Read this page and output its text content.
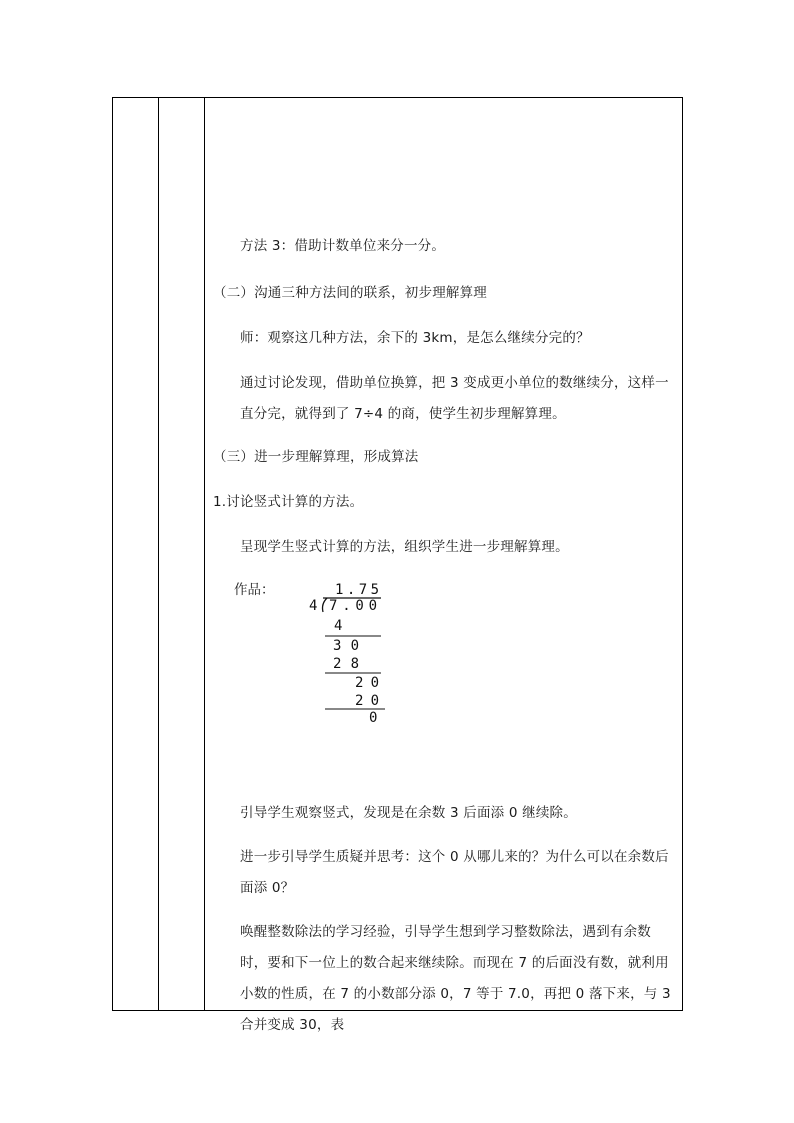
方法 3：借助计数单位来分一分。

（二）沟通三种方法间的联系，初步理解算理

师：观察这几种方法，余下的 3km，是怎么继续分完的？

通过讨论发现，借助单位换算，把 3 变成更小单位的数继续分，这样一直分完，就得到了 7÷4 的商，使学生初步理解算理。

（三）进一步理解算理，形成算法

1.讨论竖式计算的方法。

呈现学生竖式计算的方法，组织学生进一步理解算理。

作品：	1.75
4 7.00
4
30
28
20
20
0

引导学生观察竖式，发现是在余数 3 后面添 0 继续除。

进一步引导学生质疑并思考：这个 0 从哪儿来的？为什么可以在余数后面添 0？

唤醒整数除法的学习经验，引导学生想到学习整数除法，遇到有余数时，要和下一位上的数合起来继续除。而现在 7 的后面没有数，就利用小数的性质，在 7 的小数部分添 0，7 等于 7.0，再把 0 落下来，与 3 合并变成 30，表
